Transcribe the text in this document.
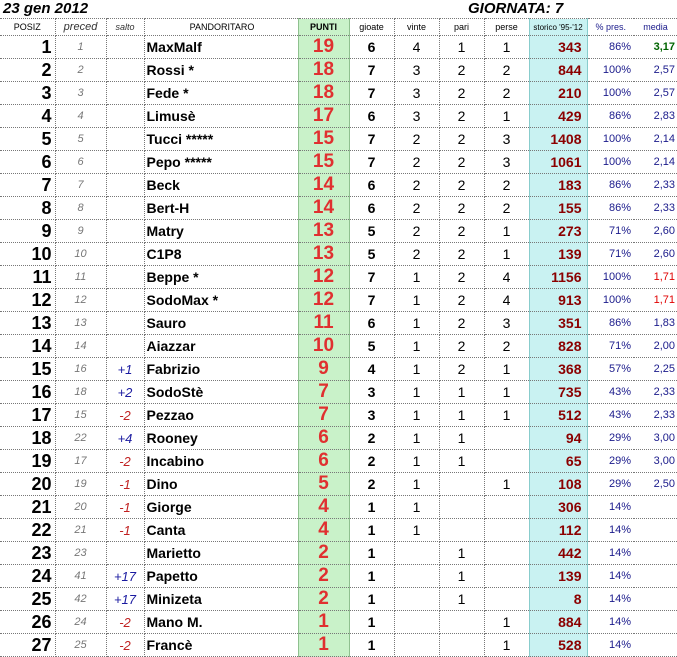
23 gen 2012	GIORNATA: 7
POSIZ	preced	salto	PANDORITARO	PUNTI	gioate	vinte	pari	perse	storico '95-'12	% pres.	media
1	1		MaxMalf	19	6	4	1	1	343	86%	3,17
2	2		Rossi *	18	7	3	2	2	844	100%	2,57
3	3		Fede *	18	7	3	2	2	210	100%	2,57
4	4		Limusè	17	6	3	2	1	429	86%	2,83
5	5		Tucci *****	15	7	2	2	3	1408	100%	2,14
6	6		Pepo *****	15	7	2	2	3	1061	100%	2,14
7	7		Beck	14	6	2	2	2	183	86%	2,33
8	8		Bert-H	14	6	2	2	2	155	86%	2,33
9	9		Matry	13	5	2	2	1	273	71%	2,60
10	10		C1P8	13	5	2	2	1	139	71%	2,60
11	11		Beppe *	12	7	1	2	4	1156	100%	1,71
12	12		SodoMax *	12	7	1	2	4	913	100%	1,71
13	13		Sauro	11	6	1	2	3	351	86%	1,83
14	14		Aiazzar	10	5	1	2	2	828	71%	2,00
15	16	+1	Fabrizio	9	4	1	2	1	368	57%	2,25
16	18	+2	SodoStè	7	3	1	1	1	735	43%	2,33
17	15	-2	Pezzao	7	3	1	1	1	512	43%	2,33
18	22	+4	Rooney	6	2	1	1		94	29%	3,00
19	17	-2	Incabino	6	2	1	1		65	29%	3,00
20	19	-1	Dino	5	2	1		1	108	29%	2,50
21	20	-1	Giorge	4	1	1			306	14%	
22	21	-1	Canta	4	1	1			112	14%	
23	23		Marietto	2	1		1		442	14%	
24	41	+17	Papetto	2	1		1		139	14%	
25	42	+17	Minizeta	2	1		1		8	14%	
26	24	-2	Mano M.	1	1			1	884	14%	
27	25	-2	Francè	1	1			1	528	14%	
